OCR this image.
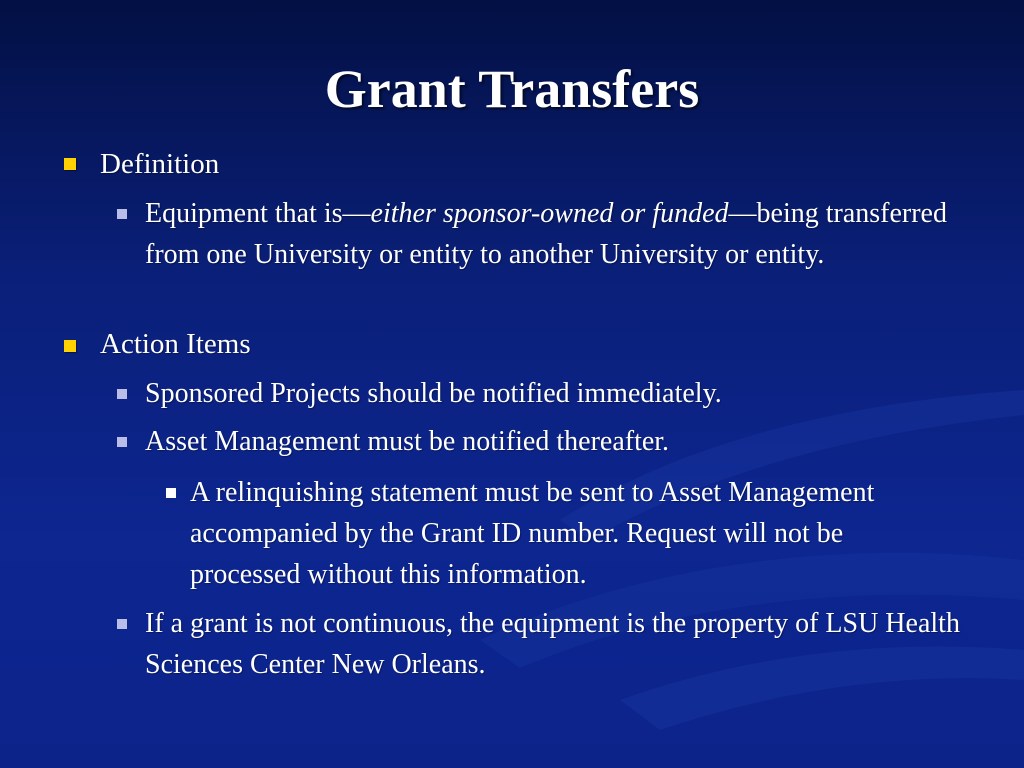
Grant Transfers
Definition
Equipment that is—either sponsor-owned or funded—being transferred from one University or entity to another University or entity.
Action Items
Sponsored Projects should be notified immediately.
Asset Management must be notified thereafter.
A relinquishing statement must be sent to Asset Management accompanied by the Grant ID number. Request will not be processed without this information.
If a grant is not continuous, the equipment is the property of LSU Health Sciences Center New Orleans.
